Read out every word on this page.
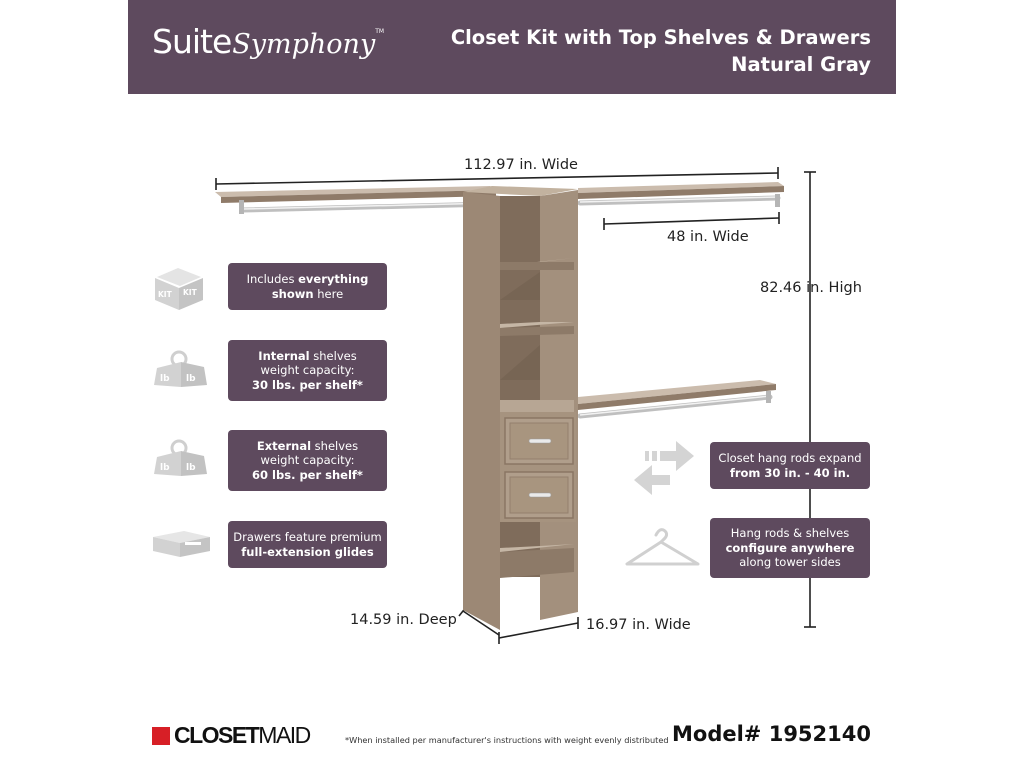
SuiteSymphony™	Closet Kit with Top Shelves & Drawers
Natural Gray
KIT KIT
lb lb
lb lb
112.97 in. Wide
48 in. Wide
82.46 in. High
14.59 in. Deep	16.97 in. Wide
Includes everything
shown here
Internal shelves
weight capacity:
30 lbs. per shelf*
External shelves
weight capacity:
60 lbs. per shelf*
Drawers feature premium
full-extension glides
Closet hang rods expand
from 30 in. - 40 in.
Hang rods & shelves
configure anywhere
along tower sides
CLOSETMAID	*When installed per manufacturer's instructions with weight evenly distributed Model# 1952140
